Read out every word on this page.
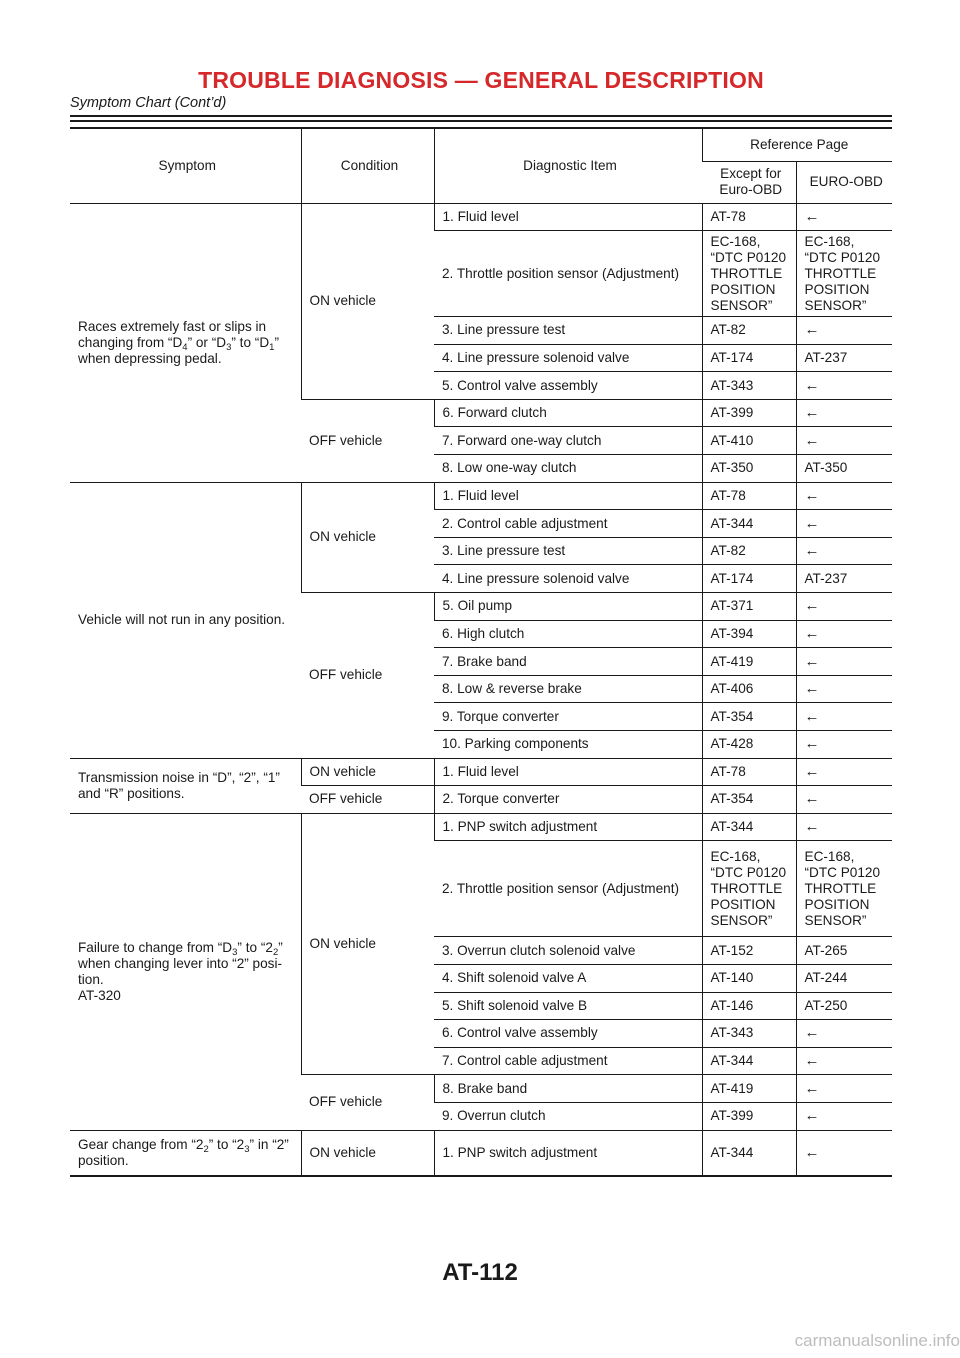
TROUBLE DIAGNOSIS — GENERAL DESCRIPTION
Symptom Chart (Cont’d)
Symptom	Condition	Diagnostic Item	Reference Page	
			Except for Euro-OBD	EURO-OBD
Races extremely fast or slips in changing from “$D_4$” or “$D_3$” to “$D_1$” when depressing pedal.	ON vehicle	1. Fluid level	AT-78	←
		2. Throttle position sensor (Adjustment)	EC-168,
“DTC P0120
THROTTLE
POSITION
SENSOR”	EC-168,
“DTC P0120
THROTTLE
POSITION
SENSOR”
		3. Line pressure test	AT-82	←
		4. Line pressure solenoid valve	AT-174	AT-237
		5. Control valve assembly	AT-343	←
	OFF vehicle	6. Forward clutch	AT-399	←
		7. Forward one-way clutch	AT-410	←
		8. Low one-way clutch	AT-350	AT-350
Vehicle will not run in any position.	ON vehicle	1. Fluid level	AT-78	←
		2. Control cable adjustment	AT-344	←
		3. Line pressure test	AT-82	←
		4. Line pressure solenoid valve	AT-174	AT-237
	OFF vehicle	5. Oil pump	AT-371	←
		6. High clutch	AT-394	←
		7. Brake band	AT-419	←
		8. Low & reverse brake	AT-406	←
		9. Torque converter	AT-354	←
		10. Parking components	AT-428	←
Transmission noise in “D”, “2”, “1” and “R” positions.	ON vehicle	1. Fluid level	AT-78	←
	OFF vehicle	2. Torque converter	AT-354	←
Failure to change from “$D_3$” to “$2_2$” when changing lever into “2” posi-tion.
AT-320	ON vehicle	1. PNP switch adjustment	AT-344	←
		2. Throttle position sensor (Adjustment)	EC-168,
“DTC P0120
THROTTLE
POSITION
SENSOR”	EC-168,
“DTC P0120
THROTTLE
POSITION
SENSOR”
		3. Overrun clutch solenoid valve	AT-152	AT-265
		4. Shift solenoid valve A	AT-140	AT-244
		5. Shift solenoid valve B	AT-146	AT-250
		6. Control valve assembly	AT-343	←
		7. Control cable adjustment	AT-344	←
	OFF vehicle	8. Brake band	AT-419	←
		9. Overrun clutch	AT-399	←
Gear change from “$2_2$” to “$2_3$” in “2” position.	ON vehicle	1. PNP switch adjustment	AT-344	←
AT-112
carmanualsonline.info
